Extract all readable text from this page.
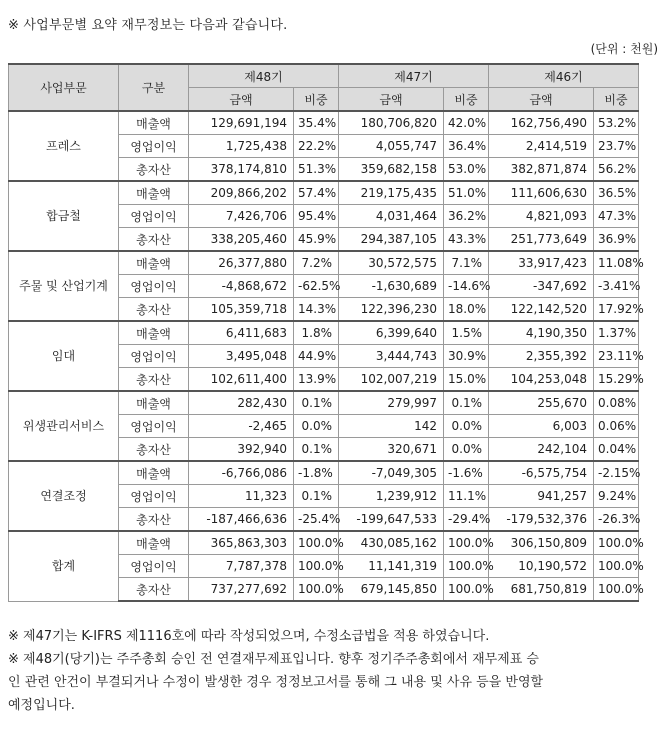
※ 사업부문별 요약 재무정보는 다음과 같습니다.
(단위 : 천원)
사업부문	구분	제48기		제47기		제46기	
		금액	비중	금액	비중	금액	비중
프레스	매출액	129,691,194	35.4%	180,706,820	42.0%	162,756,490	53.2%
	영업이익	1,725,438	22.2%	4,055,747	36.4%	2,414,519	23.7%
	총자산	378,174,810	51.3%	359,682,158	53.0%	382,871,874	56.2%
합금철	매출액	209,866,202	57.4%	219,175,435	51.0%	111,606,630	36.5%
	영업이익	7,426,706	95.4%	4,031,464	36.2%	4,821,093	47.3%
	총자산	338,205,460	45.9%	294,387,105	43.3%	251,773,649	36.9%
주물 및 산업기계	매출액	26,377,880	7.2%	30,572,575	7.1%	33,917,423	11.08%
	영업이익	-4,868,672	-62.5%	-1,630,689	-14.6%	-347,692	-3.41%
	총자산	105,359,718	14.3%	122,396,230	18.0%	122,142,520	17.92%
임대	매출액	6,411,683	1.8%	6,399,640	1.5%	4,190,350	1.37%
	영업이익	3,495,048	44.9%	3,444,743	30.9%	2,355,392	23.11%
	총자산	102,611,400	13.9%	102,007,219	15.0%	104,253,048	15.29%
위생관리서비스	매출액	282,430	0.1%	279,997	0.1%	255,670	0.08%
	영업이익	-2,465	0.0%	142	0.0%	6,003	0.06%
	총자산	392,940	0.1%	320,671	0.0%	242,104	0.04%
연결조정	매출액	-6,766,086	-1.8%	-7,049,305	-1.6%	-6,575,754	-2.15%
	영업이익	11,323	0.1%	1,239,912	11.1%	941,257	9.24%
	총자산	-187,466,636	-25.4%	-199,647,533	-29.4%	-179,532,376	-26.3%
합계	매출액	365,863,303	100.0%	430,085,162	100.0%	306,150,809	100.0%
	영업이익	7,787,378	100.0%	11,141,319	100.0%	10,190,572	100.0%
	총자산	737,277,692	100.0%	679,145,850	100.0%	681,750,819	100.0%

※ 제47기는 K-IFRS 제1116호에 따라 작성되었으며, 수정소급법을 적용 하였습니다.

※ 제48기(당기)는 주주총회 승인 전 연결재무제표입니다. 향후 정기주주총회에서 재무제표 승인 관련 안건이 부결되거나 수정이 발생한 경우 정정보고서를 통해 그 내용 및 사유 등을 반영할 예정입니다.
